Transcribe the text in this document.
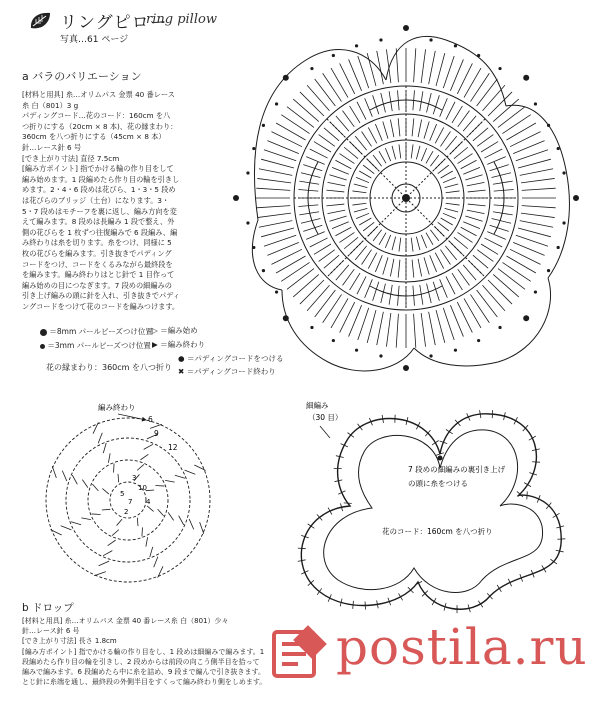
リングピロー
ring pillow
写真…61 ページ
a バラのバリエーション

[材料と用具] 糸…オリムパス 金票 40 番レース

糸 白（801）3 g

パディングコード…花のコード：160cm を八

つ折りにする（20cm × 8 本)、花の縁まわり：

360cm を八つ折りにする（45cm × 8 本）

針…レース針 6 号

[でき上がり寸法] 直径 7.5cm

[編み方ポイント] 指でかける輪の作り目をして

編み始めます。1 段編めたら作り目の輪を引きし

めます。2・4・6 段めは花びら、1・3・5 段め

は花びらのブリッジ（土台）になります。3・

5・7 段めはモチーフを裏に返し、編み方向を変

えて編みます。8 段めは長編み 1 段で整え、外

側の花びらを 1 枚ずつ往復編みで 6 段編み、編

み終わりは糸を切ります。糸をつけ、同様に 5

枚の花びらを編みます。引き抜きでパディング

コードをつけ、コードをくるみながら最終段を

を編みます。編み終わりはとじ針で 1 目作って

編み始めの目につなぎます。7 段めの細編みの

引き上げ編みの頭に針を入れ、引き抜きでパディ

ングコードをつけて花のコードを編みつけます。

＝8mm パールビーズつけ位置
＝3mm パールビーズつけ位置
▷ ＝編み始め
▶ ＝編み終わり
● ＝パディングコードをつける
✖ ＝パディングコード終わり
花の縁まわり：360cm を八つ折り
編み終わり
6
9
12
10
7 4
5
3
2
細編み
（30 目）
7 段めの細編みの裏引き上げ
の頭に糸をつける
花のコード：160cm を八つ折り
b ドロップ

[材料と用具] 糸…オリムパス 金票 40 番レース糸 白（801）少々

針…レース針 6 号

[でき上がり寸法] 長さ 1.8cm

[編み方ポイント] 指でかける輪の作り目をし、1 段めは細編みで編みます。1

段編めたら作り目の輪を引きし、2 段めからは前段の向こう側半目を拾って

編みで編みます。6 段編めたら中に糸を詰め、9 段まで編んで引き抜きます。

とじ針に糸端を通し、最終段の外側半目をすくって編み終わり側をしめます。

postila.ru
